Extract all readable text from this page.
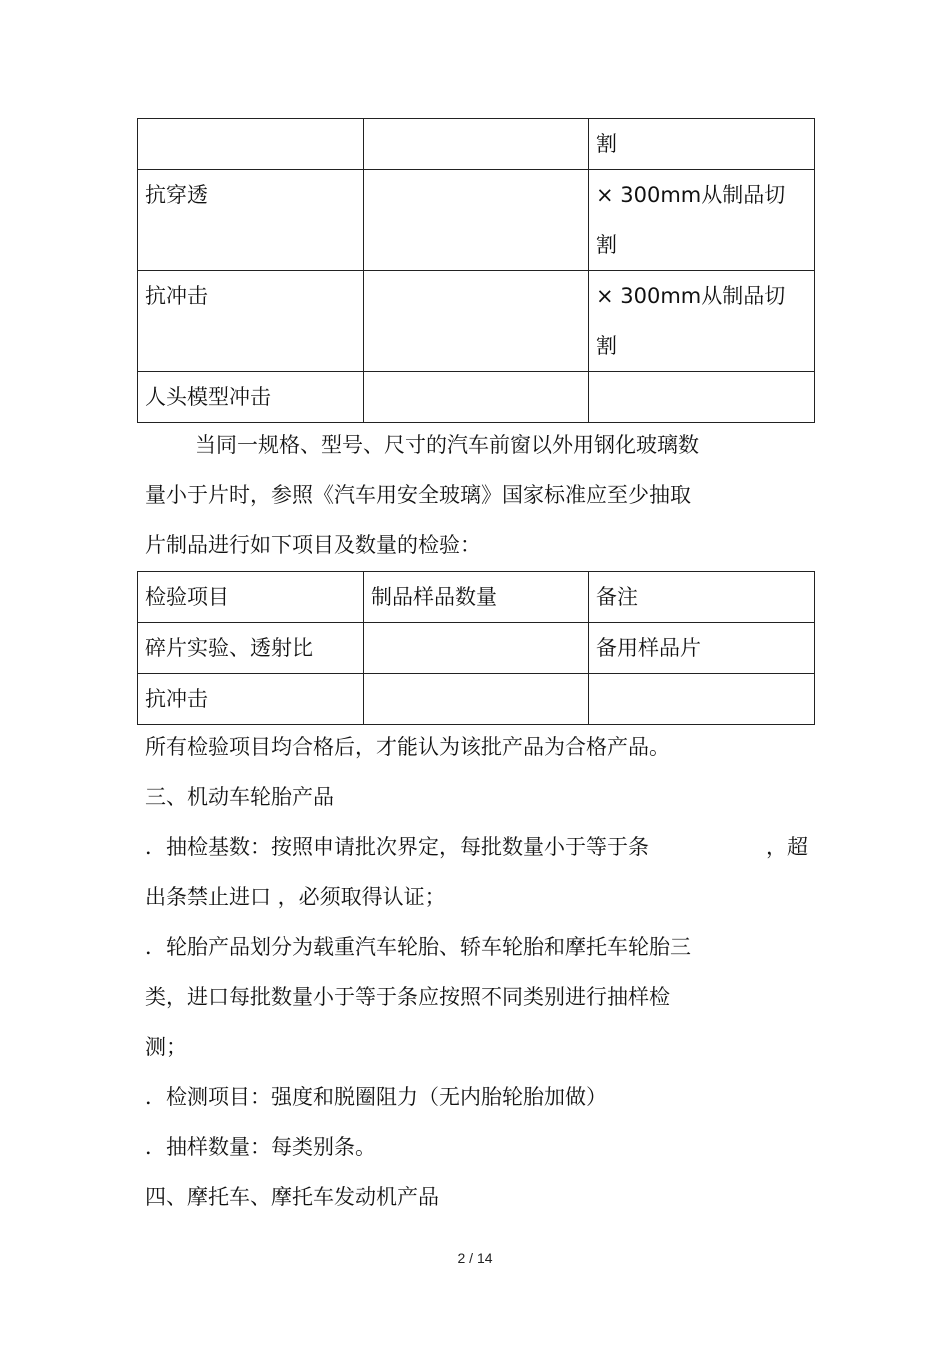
		割

抗穿透		× 300mm从制品切
割

抗冲击		× 300mm从制品切
割

人头模型冲击		
当同一规格、型号、尺寸的汽车前窗以外用钢化玻璃数
量小于片时，参照《汽车用安全玻璃》国家标准应至少抽取
片制品进行如下项目及数量的检验：
检验项目	制品样品数量	备注
碎片实验、透射比		备用样品片
抗冲击		
所有检验项目均合格后，才能认为该批产品为合格产品。
三、机动车轮胎产品
．抽检基数：按照申请批次界定，每批数量小于等于条	，超
出条禁止进口 ，必须取得认证；
．轮胎产品划分为载重汽车轮胎、轿车轮胎和摩托车轮胎三
类，进口每批数量小于等于条应按照不同类别进行抽样检
测；
．检测项目：强度和脱圈阻力（无内胎轮胎加做）
．抽样数量：每类别条。
四、摩托车、摩托车发动机产品
2 / 14
